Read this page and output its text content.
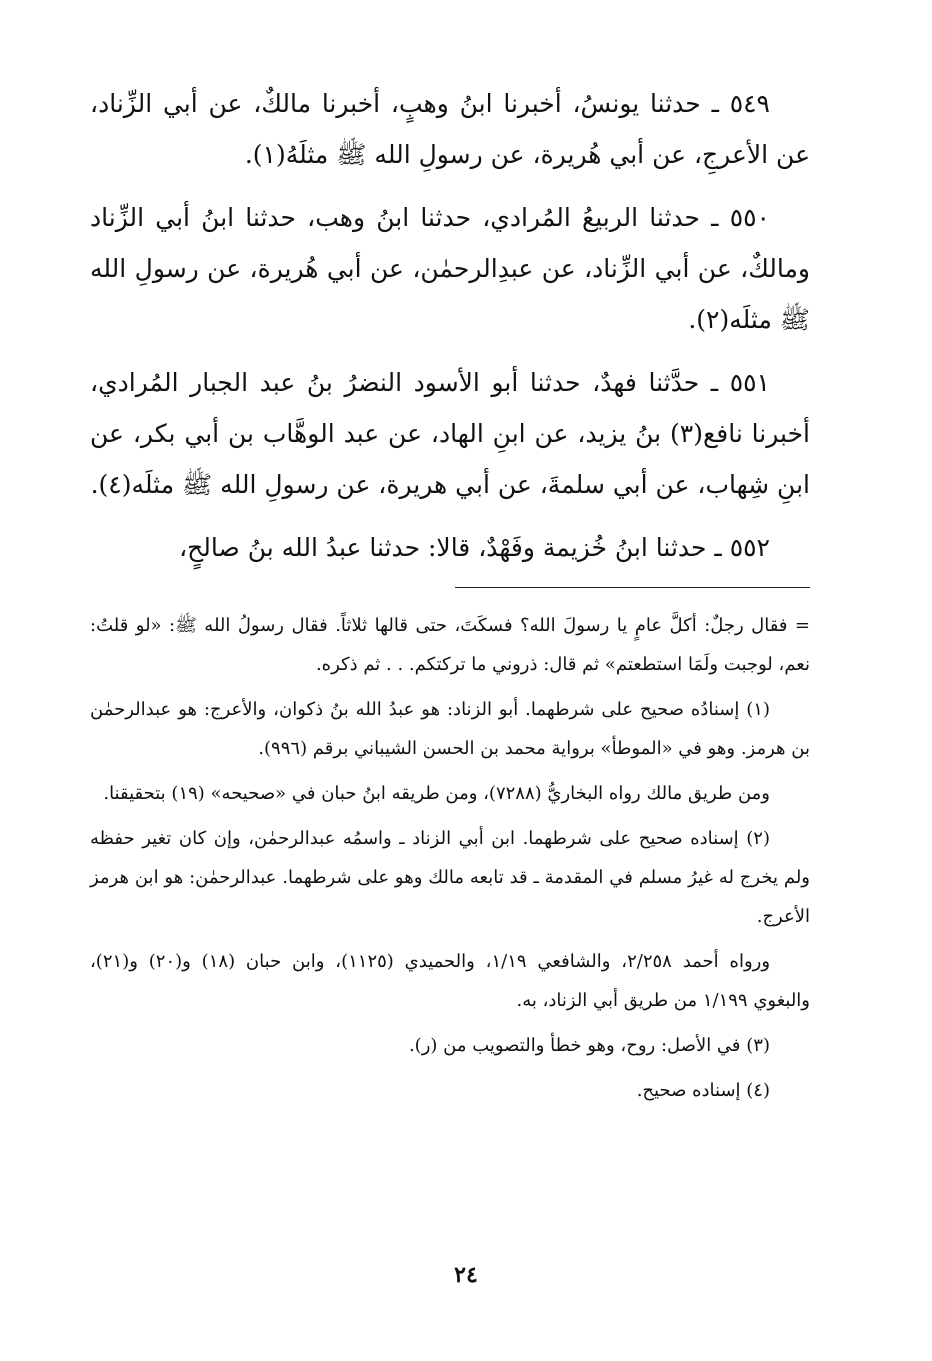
٥٤٩ ـ حدثنا يونسُ، أخبرنا ابنُ وهبٍ، أخبرنا مالكٌ، عن أبي الزِّناد، عن الأعرجِ، عن أبي هُريرة، عن رسولِ الله ﷺ مثلَهُ(١).

٥٥٠ ـ حدثنا الربيعُ المُرادي، حدثنا ابنُ وهب، حدثنا ابنُ أبي الزِّناد ومالكٌ، عن أبي الزِّناد، عن عبدِالرحمٰن، عن أبي هُريرة، عن رسولِ الله ﷺ مثلَه(٢).

٥٥١ ـ حدَّثنا فهدٌ، حدثنا أبو الأسود النضرُ بنُ عبد الجبار المُرادي، أخبرنا نافع(٣) بنُ يزيد، عن ابنِ الهاد، عن عبد الوهَّاب بن أبي بكر، عن ابنِ شِهاب، عن أبي سلمةَ، عن أبي هريرة، عن رسولِ الله ﷺ مثلَه(٤).

٥٥٢ ـ حدثنا ابنُ خُزيمة وفَهْدٌ، قالا: حدثنا عبدُ الله بنُ صالحٍ،

= فقال رجلٌ: أكلَّ عامٍ يا رسولَ الله؟ فسكَتَ، حتى قالها ثلاثاً. فقال رسولُ الله ﷺ: «لو قلتُ: نعم، لوجبت ولَمَا استطعتم» ثم قال: ذروني ما تركتكم. . . ثم ذكره.

(١) إسنادُه صحيح على شرطهما. أبو الزناد: هو عبدُ الله بنُ ذكوان، والأعرج: هو عبدالرحمٰن بن هرمز. وهو في «الموطأ» برواية محمد بن الحسن الشيباني برقم (٩٩٦).

ومن طريق مالك رواه البخاريُّ (٧٢٨٨)، ومن طريقه ابنُ حبان في «صحيحه» (١٩) بتحقيقنا.

(٢) إسناده صحيح على شرطهما. ابن أبي الزناد ـ واسمُه عبدالرحمٰن، وإن كان تغير حفظه ولم يخرج له غيرُ مسلم في المقدمة ـ قد تابعه مالك وهو على شرطهما. عبدالرحمٰن: هو ابن هرمز الأعرج.

ورواه أحمد ٢/٢٥٨، والشافعي ١/١٩، والحميدي (١١٢٥)، وابن حبان (١٨) و(٢٠) و(٢١)، والبغوي ١/١٩٩ من طريق أبي الزناد، به.

(٣) في الأصل: روح، وهو خطأ والتصويب من (ر).

(٤) إسناده صحيح.

٢٤
